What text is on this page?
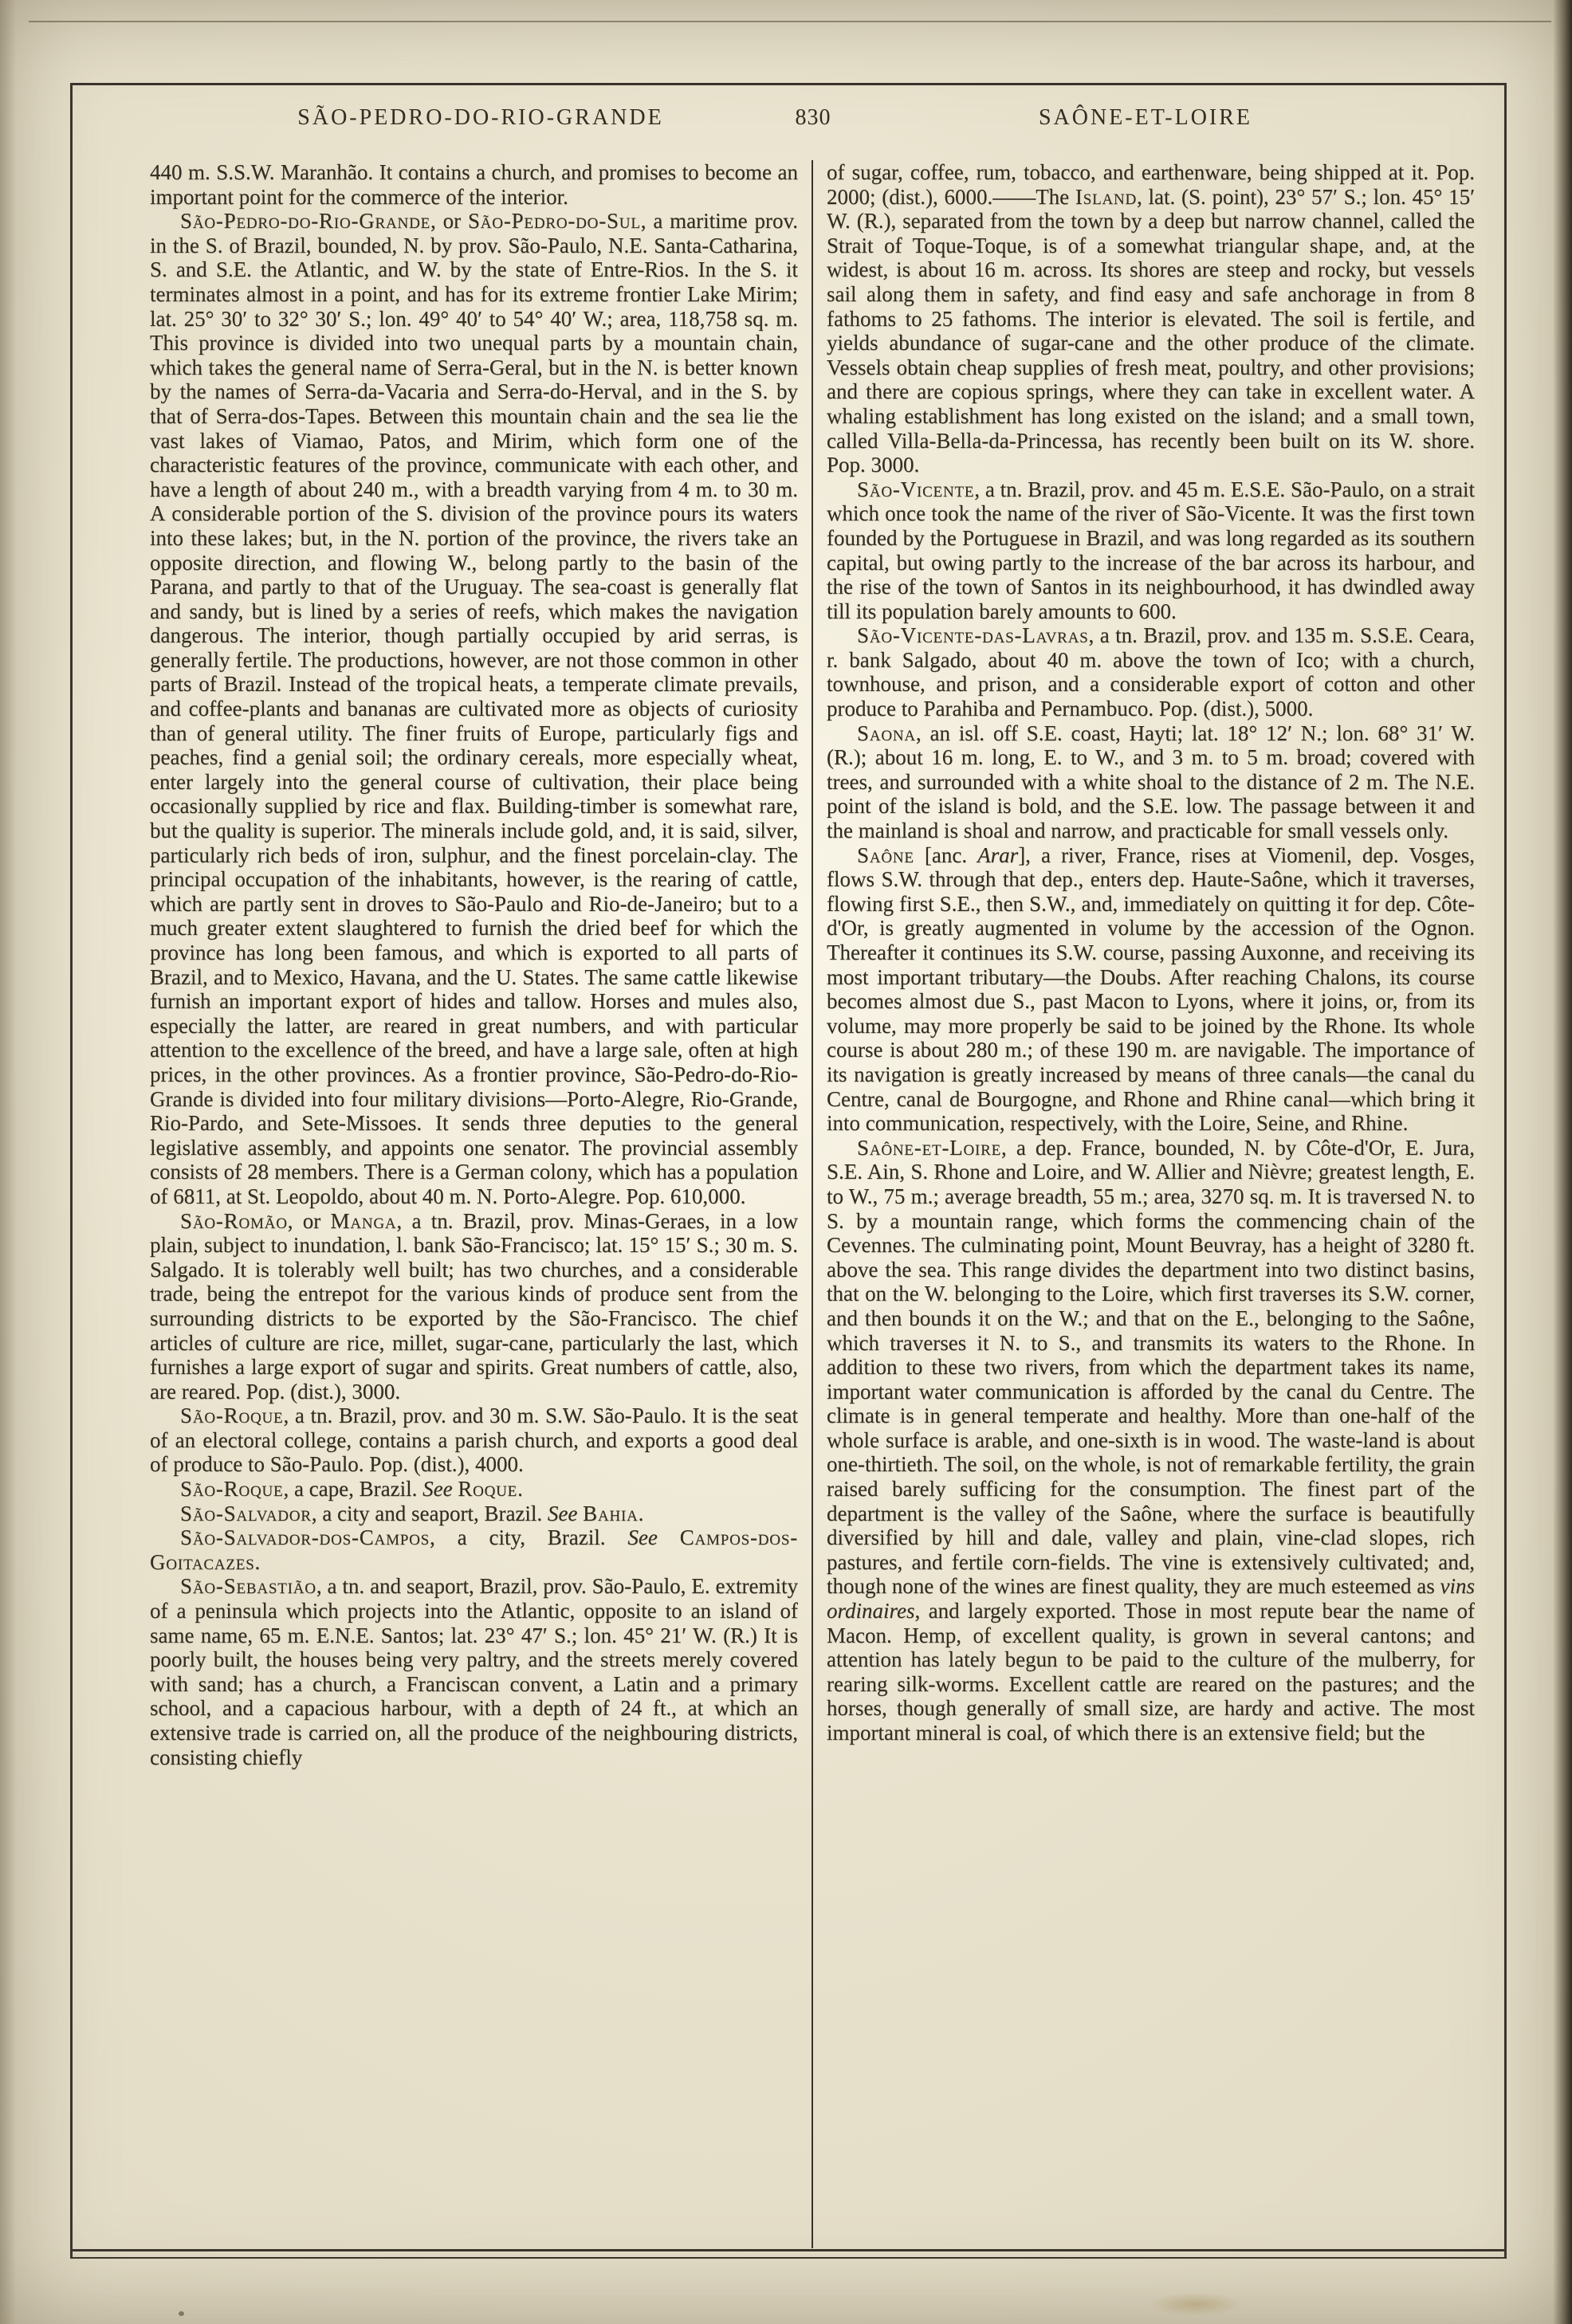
SÃO-PEDRO-DO-RIO-GRANDE	830	SAÔNE-ET-LOIRE

440 m. S.S.W. Maranhão. It contains a church, and promises to become an important point for the commerce of the interior.

São-Pedro-do-Rio-Grande, or São-Pedro-do-Sul, a maritime prov. in the S. of Brazil, bounded, N. by prov. São-Paulo, N.E. Santa-Catharina, S. and S.E. the Atlantic, and W. by the state of Entre-Rios. In the S. it terminates almost in a point, and has for its extreme frontier Lake Mirim; lat. 25° 30′ to 32° 30′ S.; lon. 49° 40′ to 54° 40′ W.; area, 118,758 sq. m. This province is divided into two unequal parts by a mountain chain, which takes the general name of Serra-Geral, but in the N. is better known by the names of Serra-da-Vacaria and Serra-do-Herval, and in the S. by that of Serra-dos-Tapes. Between this mountain chain and the sea lie the vast lakes of Viamao, Patos, and Mirim, which form one of the characteristic features of the province, communicate with each other, and have a length of about 240 m., with a breadth varying from 4 m. to 30 m. A considerable portion of the S. division of the province pours its waters into these lakes; but, in the N. portion of the province, the rivers take an opposite direction, and flowing W., belong partly to the basin of the Parana, and partly to that of the Uruguay. The sea-coast is generally flat and sandy, but is lined by a series of reefs, which makes the navigation dangerous. The interior, though partially occupied by arid serras, is generally fertile. The productions, however, are not those common in other parts of Brazil. Instead of the tropical heats, a temperate climate prevails, and coffee-plants and bananas are cultivated more as objects of curiosity than of general utility. The finer fruits of Europe, particularly figs and peaches, find a genial soil; the ordinary cereals, more especially wheat, enter largely into the general course of cultivation, their place being occasionally supplied by rice and flax. Building-timber is somewhat rare, but the quality is superior. The minerals include gold, and, it is said, silver, particularly rich beds of iron, sulphur, and the finest porcelain-clay. The principal occupation of the inhabitants, however, is the rearing of cattle, which are partly sent in droves to São-Paulo and Rio-de-Janeiro; but to a much greater extent slaughtered to furnish the dried beef for which the province has long been famous, and which is exported to all parts of Brazil, and to Mexico, Havana, and the U. States. The same cattle likewise furnish an important export of hides and tallow. Horses and mules also, especially the latter, are reared in great numbers, and with particular attention to the excellence of the breed, and have a large sale, often at high prices, in the other provinces. As a frontier province, São-Pedro-do-Rio-Grande is divided into four military divisions—Porto-Alegre, Rio-Grande, Rio-Pardo, and Sete-Missoes. It sends three deputies to the general legislative assembly, and appoints one senator. The provincial assembly consists of 28 members. There is a German colony, which has a population of 6811, at St. Leopoldo, about 40 m. N. Porto-Alegre. Pop. 610,000.

São-Romão, or Manga, a tn. Brazil, prov. Minas-Geraes, in a low plain, subject to inundation, l. bank São-Francisco; lat. 15° 15′ S.; 30 m. S. Salgado. It is tolerably well built; has two churches, and a considerable trade, being the entrepot for the various kinds of produce sent from the surrounding districts to be exported by the São-Francisco. The chief articles of culture are rice, millet, sugar-cane, particularly the last, which furnishes a large export of sugar and spirits. Great numbers of cattle, also, are reared. Pop. (dist.), 3000.

São-Roque, a tn. Brazil, prov. and 30 m. S.W. São-Paulo. It is the seat of an electoral college, contains a parish church, and exports a good deal of produce to São-Paulo. Pop. (dist.), 4000.

São-Roque, a cape, Brazil. See Roque.

São-Salvador, a city and seaport, Brazil. See Bahia.

São-Salvador-dos-Campos, a city, Brazil. See Campos-dos-Goitacazes.

São-Sebastião, a tn. and seaport, Brazil, prov. São-Paulo, E. extremity of a peninsula which projects into the Atlantic, opposite to an island of same name, 65 m. E.N.E. Santos; lat. 23° 47′ S.; lon. 45° 21′ W. (R.) It is poorly built, the houses being very paltry, and the streets merely covered with sand; has a church, a Franciscan convent, a Latin and a primary school, and a capacious harbour, with a depth of 24 ft., at which an extensive trade is carried on, all the produce of the neighbouring districts, consisting chiefly

of sugar, coffee, rum, tobacco, and earthenware, being shipped at it. Pop. 2000; (dist.), 6000.——The Island, lat. (S. point), 23° 57′ S.; lon. 45° 15′ W. (R.), separated from the town by a deep but narrow channel, called the Strait of Toque-Toque, is of a somewhat triangular shape, and, at the widest, is about 16 m. across. Its shores are steep and rocky, but vessels sail along them in safety, and find easy and safe anchorage in from 8 fathoms to 25 fathoms. The interior is elevated. The soil is fertile, and yields abundance of sugar-cane and the other produce of the climate. Vessels obtain cheap supplies of fresh meat, poultry, and other provisions; and there are copious springs, where they can take in excellent water. A whaling establishment has long existed on the island; and a small town, called Villa-Bella-da-Princessa, has recently been built on its W. shore. Pop. 3000.

São-Vicente, a tn. Brazil, prov. and 45 m. E.S.E. São-Paulo, on a strait which once took the name of the river of São-Vicente. It was the first town founded by the Portuguese in Brazil, and was long regarded as its southern capital, but owing partly to the increase of the bar across its harbour, and the rise of the town of Santos in its neighbourhood, it has dwindled away till its population barely amounts to 600.

São-Vicente-das-Lavras, a tn. Brazil, prov. and 135 m. S.S.E. Ceara, r. bank Salgado, about 40 m. above the town of Ico; with a church, townhouse, and prison, and a considerable export of cotton and other produce to Parahiba and Pernambuco. Pop. (dist.), 5000.

Saona, an isl. off S.E. coast, Hayti; lat. 18° 12′ N.; lon. 68° 31′ W. (R.); about 16 m. long, E. to W., and 3 m. to 5 m. broad; covered with trees, and surrounded with a white shoal to the distance of 2 m. The N.E. point of the island is bold, and the S.E. low. The passage between it and the mainland is shoal and narrow, and practicable for small vessels only.

Saône [anc. Arar], a river, France, rises at Viomenil, dep. Vosges, flows S.W. through that dep., enters dep. Haute-Saône, which it traverses, flowing first S.E., then S.W., and, immediately on quitting it for dep. Côte-d'Or, is greatly augmented in volume by the accession of the Ognon. Thereafter it continues its S.W. course, passing Auxonne, and receiving its most important tributary—the Doubs. After reaching Chalons, its course becomes almost due S., past Macon to Lyons, where it joins, or, from its volume, may more properly be said to be joined by the Rhone. Its whole course is about 280 m.; of these 190 m. are navigable. The importance of its navigation is greatly increased by means of three canals—the canal du Centre, canal de Bourgogne, and Rhone and Rhine canal—which bring it into communication, respectively, with the Loire, Seine, and Rhine.

Saône-et-Loire, a dep. France, bounded, N. by Côte-d'Or, E. Jura, S.E. Ain, S. Rhone and Loire, and W. Allier and Nièvre; greatest length, E. to W., 75 m.; average breadth, 55 m.; area, 3270 sq. m. It is traversed N. to S. by a mountain range, which forms the commencing chain of the Cevennes. The culminating point, Mount Beuvray, has a height of 3280 ft. above the sea. This range divides the department into two distinct basins, that on the W. belonging to the Loire, which first traverses its S.W. corner, and then bounds it on the W.; and that on the E., belonging to the Saône, which traverses it N. to S., and transmits its waters to the Rhone. In addition to these two rivers, from which the department takes its name, important water communication is afforded by the canal du Centre. The climate is in general temperate and healthy. More than one-half of the whole surface is arable, and one-sixth is in wood. The waste-land is about one-thirtieth. The soil, on the whole, is not of remarkable fertility, the grain raised barely sufficing for the consumption. The finest part of the department is the valley of the Saône, where the surface is beautifully diversified by hill and dale, valley and plain, vine-clad slopes, rich pastures, and fertile corn-fields. The vine is extensively cultivated; and, though none of the wines are finest quality, they are much esteemed as vins ordinaires, and largely exported. Those in most repute bear the name of Macon. Hemp, of excellent quality, is grown in several cantons; and attention has lately begun to be paid to the culture of the mulberry, for rearing silk-worms. Excellent cattle are reared on the pastures; and the horses, though generally of small size, are hardy and active. The most important mineral is coal, of which there is an extensive field; but the
